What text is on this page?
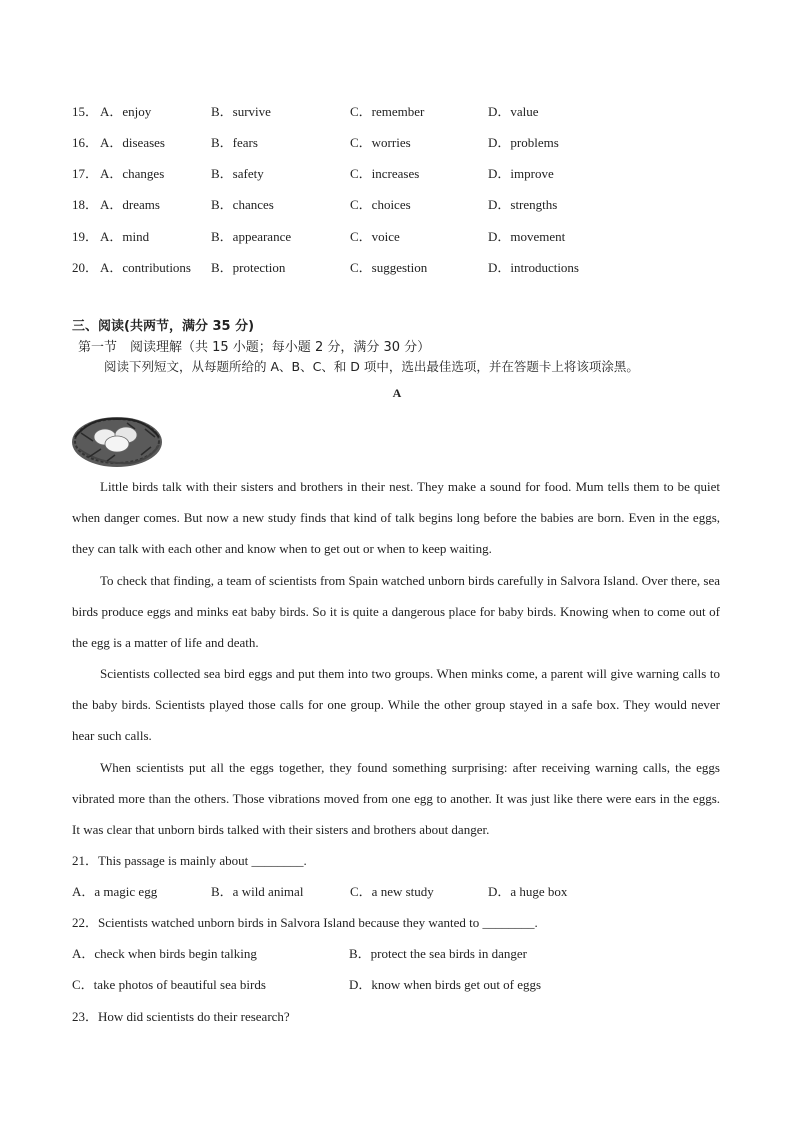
15． A．enjoy	B．survive	C．remember	D．value
16． A．diseases	B．fears	C．worries	D．problems
17． A．changes	B．safety	C．increases	D．improve
18． A．dreams	B．chances	C．choices	D．strengths
19． A．mind	B．appearance	C．voice	D．movement
20． A．contributions B．protection	C．suggestion	D．introductions
三、阅读(共两节，满分 35 分)
第一节　阅读理解（共 15 小题；每小题 2 分，满分 30 分）
阅读下列短文，从每题所给的 A、B、C、和 D 项中，选出最佳选项，并在答题卡上将该项涂黑。
A

Little birds talk with their sisters and brothers in their nest. They make a sound for food. Mum tells them to be quiet when danger comes. But now a new study finds that kind of talk begins long before the babies are born. Even in the eggs, they can talk with each other and know when to get out or when to keep waiting.

To check that finding, a team of scientists from Spain watched unborn birds carefully in Salvora Island. Over there, sea birds produce eggs and minks eat baby birds. So it is quite a dangerous place for baby birds. Knowing when to come out of the egg is a matter of life and death.

Scientists collected sea bird eggs and put them into two groups. When minks come, a parent will give warning calls to the baby birds. Scientists played those calls for one group. While the other group stayed in a safe box. They would never hear such calls.

When scientists put all the eggs together, they found something surprising: after receiving warning calls, the eggs vibrated more than the others. Those vibrations moved from one egg to another. It was just like there were ears in the eggs. It was clear that unborn birds talked with their sisters and brothers about danger.

21．This passage is mainly about ________.
A．a magic egg	B．a wild animal	C．a new study	D．a huge box
22．Scientists watched unborn birds in Salvora Island because they wanted to ________.
A．check when birds begin talking	B．protect the sea birds in danger
C．take photos of beautiful sea birds	D．know when birds get out of eggs
23．How did scientists do their research?
